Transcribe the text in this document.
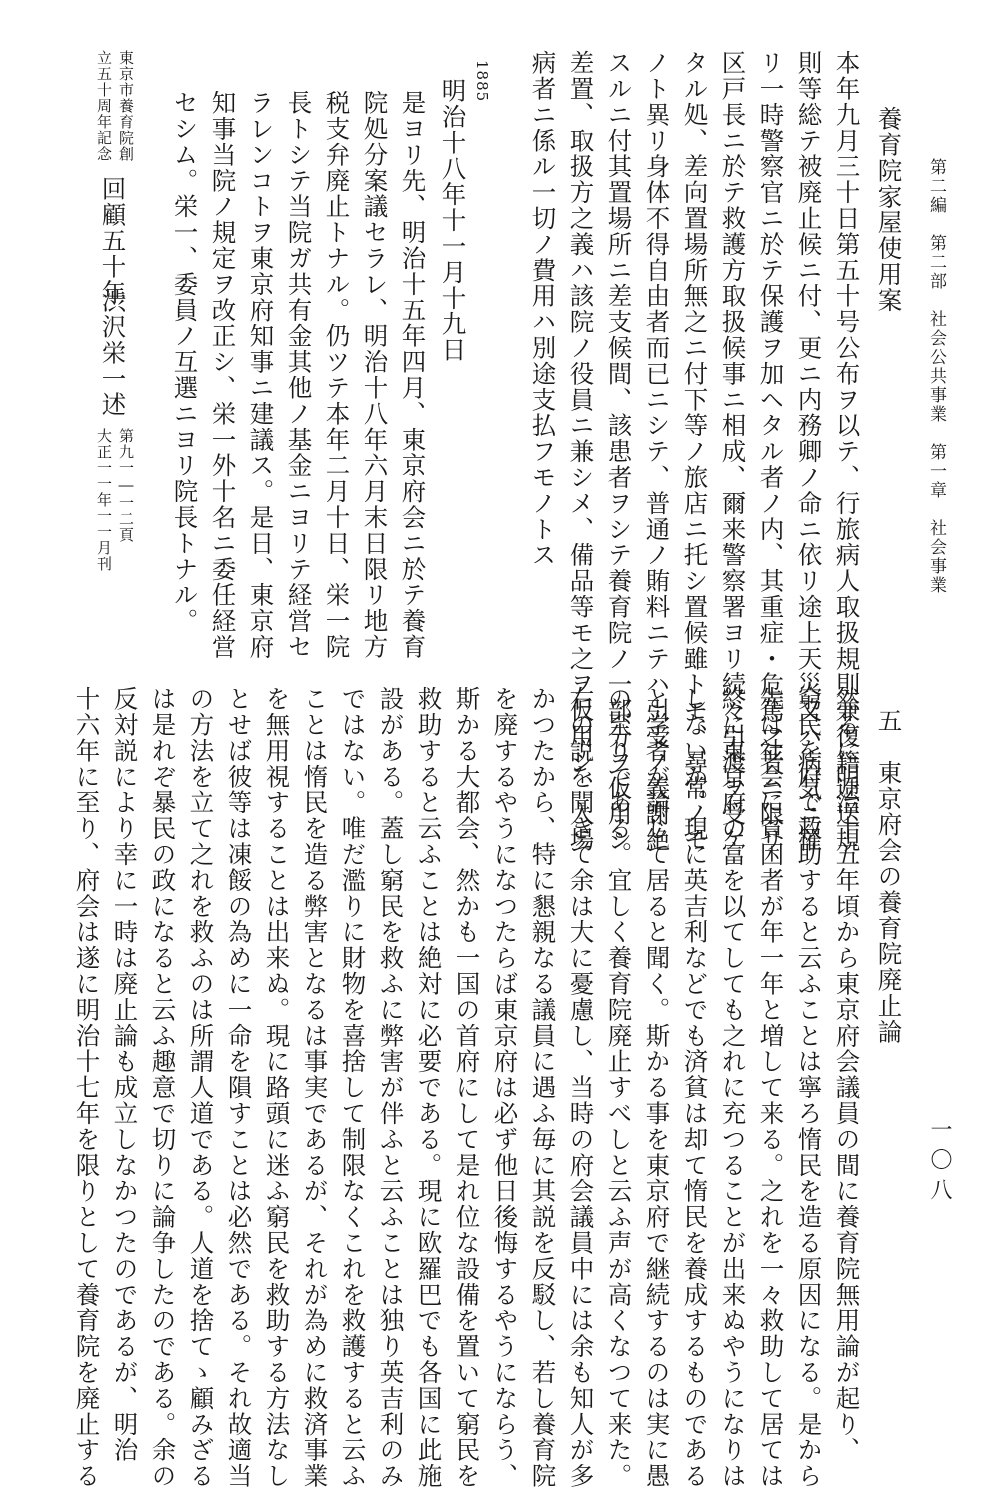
第二編　第二部　社会公共事業　第一章　社会事業
一〇八
養育院家屋使用案
本年九月三十日第五十号公布ヲ以テ、行旅病人取扱規則兼復籍逓送規
則等総テ被廃止候ニ付、更ニ内務卿ノ命ニ依リ途上天災又ハ病気ニ罹
リ一時警察官ニ於テ保護ヲ加ヘタル者ノ内、其重症・危篤之者ニ限リ
区戸長ニ於テ救護方取扱候事ニ相成、爾来警察署ヨリ続々引渡ヲ受ケ
タル処、差向置場所無之ニ付下等ノ旅店ニ托シ置候雖トモ、尋常ノモ
ノト異リ身体不得自由者而已ニシテ、普通ノ賄料ニテハ引受ノ義謝絶
スルニ付其置場所ニ差支候間、該患者ヲシテ養育院ノ一部分ヲ仮用シ
差置、取扱方之義ハ該院ノ役員ニ兼シメ、備品等モ之ヲ仮用シ、入場
病者ニ係ル一切ノ費用ハ別途支払フモノトス
1885
明治十八年十一月十九日
是ヨリ先、明治十五年四月、東京府会ニ於テ養育
院処分案議セラレ、明治十八年六月末日限リ地方
税支弁廃止トナル。仍ツテ本年二月十日、栄一院
長トシテ当院ガ共有金其他ノ基金ニヨリテ経営セ
ラレンコトヲ東京府知事ニ建議ス。是日、東京府
知事当院ノ規定ヲ改正シ、栄一外十名ニ委任経営
セシム。栄一、委員ノ互選ニヨリ院長トナル。
東京市養育院創
立五十周年記念
回顧五十年
渋沢栄一述
第九一―一二頁
大正一一年一一月刊
五　東京府会の養育院廃止論
然るに明治十五年頃から東京府会議員の間に養育院無用論が起り、
窮民を府で救助すると云ふことは寧ろ惰民を造る原因になる。是から
先は社会に貧困者が年一年と増して来る。之れを一々救助して居ては
終に東京府の富を以てしても之れに充つることが出来ぬやうになりは
しないか。現に英吉利などでも済貧は却て惰民を養成するものである
と学者が論じて居ると聞く。斯かる事を東京府で継続するのは実に愚
の至りである。宜しく養育院廃止すべしと云ふ声が高くなつて来た。
右の説を聞きて余は大に憂慮し、当時の府会議員中には余も知人が多
かつたから、特に懇親なる議員に遇ふ毎に其説を反駁し、若し養育院
を廃するやうになつたらば東京府は必ず他日後悔するやうにならう、
斯かる大都会、然かも一国の首府にして是れ位な設備を置いて窮民を
救助すると云ふことは絶対に必要である。現に欧羅巴でも各国に此施
設がある。蓋し窮民を救ふに弊害が伴ふと云ふことは独り英吉利のみ
ではない。唯だ濫りに財物を喜捨して制限なくこれを救護すると云ふ
ことは惰民を造る弊害となるは事実であるが、それが為めに救済事業
を無用視することは出来ぬ。現に路頭に迷ふ窮民を救助する方法なし
とせば彼等は凍餒の為めに一命を隕すことは必然である。それ故適当
の方法を立て之れを救ふのは所謂人道である。人道を捨てゝ顧みざる
は是れぞ暴民の政になると云ふ趣意で切りに論争したのである。余の
反対説により幸に一時は廃止論も成立しなかつたのであるが、明治
十六年に至り、府会は遂に明治十七年を限りとして養育院を廃止する
